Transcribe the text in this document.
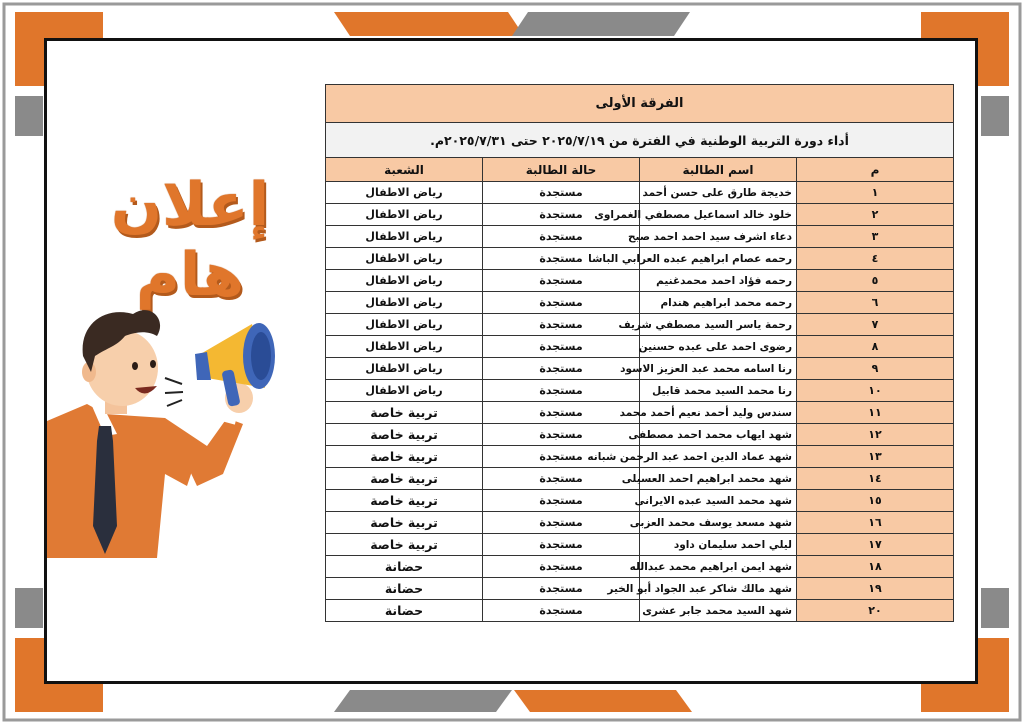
إعلان هام
الفرقة الأولى			
أداء دورة التربية الوطنية في الفترة من ٢٠٢٥/٧/١٩ حتى ٢٠٢٥/٧/٣١م.			
م	اسم الطالبة	حالة الطالبة	الشعبة
١	خديجة طارق على حسن أحمد	مستجدة	رياض الاطفال
٢	خلود خالد اسماعيل مصطفي الغمراوى	مستجدة	رياض الاطفال
٣	دعاء اشرف سيد احمد احمد صبح	مستجدة	رياض الاطفال
٤	رحمه عصام ابراهيم عبده العرابي الباشا	مستجدة	رياض الاطفال
٥	رحمه فؤاد احمد محمدغنيم	مستجدة	رياض الاطفال
٦	رحمه محمد ابراهيم هندام	مستجدة	رياض الاطفال
٧	رحمة ياسر السيد مصطفي شريف	مستجدة	رياض الاطفال
٨	رضوى احمد على عبده حسنين	مستجدة	رياض الاطفال
٩	رنا اسامه محمد عبد العزيز الاسود	مستجدة	رياض الاطفال
١٠	رنا محمد السيد محمد قابيل	مستجدة	رياض الاطفال
١١	سندس وليد أحمد نعيم أحمد محمد	مستجدة	تربية خاصة
١٢	شهد ايهاب محمد احمد مصطفى	مستجدة	تربية خاصة
١٣	شهد عماد الدين احمد عبد الرحمن شبانه	مستجدة	تربية خاصة
١٤	شهد محمد ابراهيم احمد العسيلى	مستجدة	تربية خاصة
١٥	شهد محمد السيد عبده الايرانى	مستجدة	تربية خاصة
١٦	شهد مسعد يوسف محمد العزبى	مستجدة	تربية خاصة
١٧	ليلي احمد سليمان داود	مستجدة	تربية خاصة
١٨	شهد ايمن ابراهيم محمد عبدالله	مستجدة	حضانة
١٩	شهد مالك شاكر عبد الجواد أبو الخير	مستجدة	حضانة
٢٠	شهد السيد محمد جابر عشرى	مستجدة	حضانة
